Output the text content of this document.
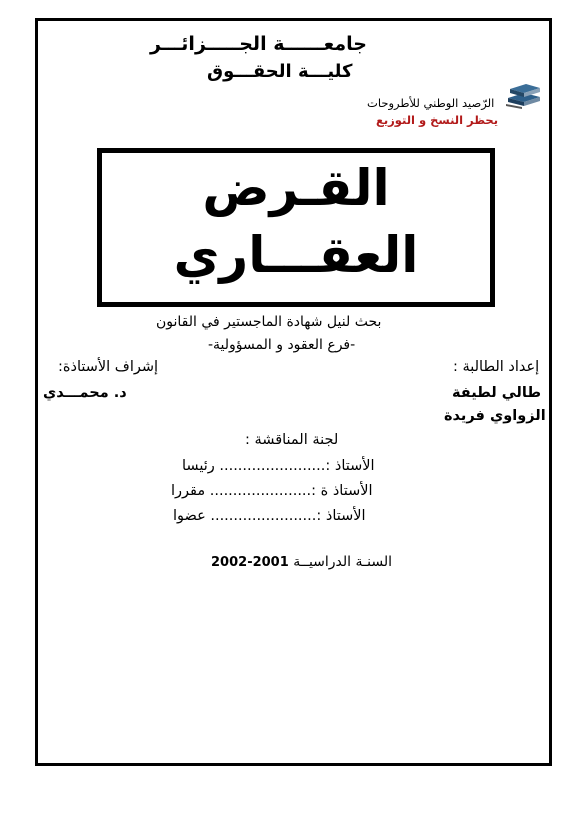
جامعــــــة الجـــــزائـــر
كليـــة الحقـــوق
الرّصيد الوطني للأطروحات
يحظر النسخ و التوزيع
القـرض
العقـــاري
بحث لنيل شهادة الماجستير في القانون
-فرع العقود و المسؤولية-
إعداد الطالبة :
إشراف الأستاذة:
طالي لطيفة
د. محمـــدي
الزواوي فريدة
لجنة المناقشة :
الأستاذ :....................... رئيسا
الأستاذ ة :...................... مقررا
الأستاذ :....................... عضوا
السنـة الدراسيــة 2001-2002
